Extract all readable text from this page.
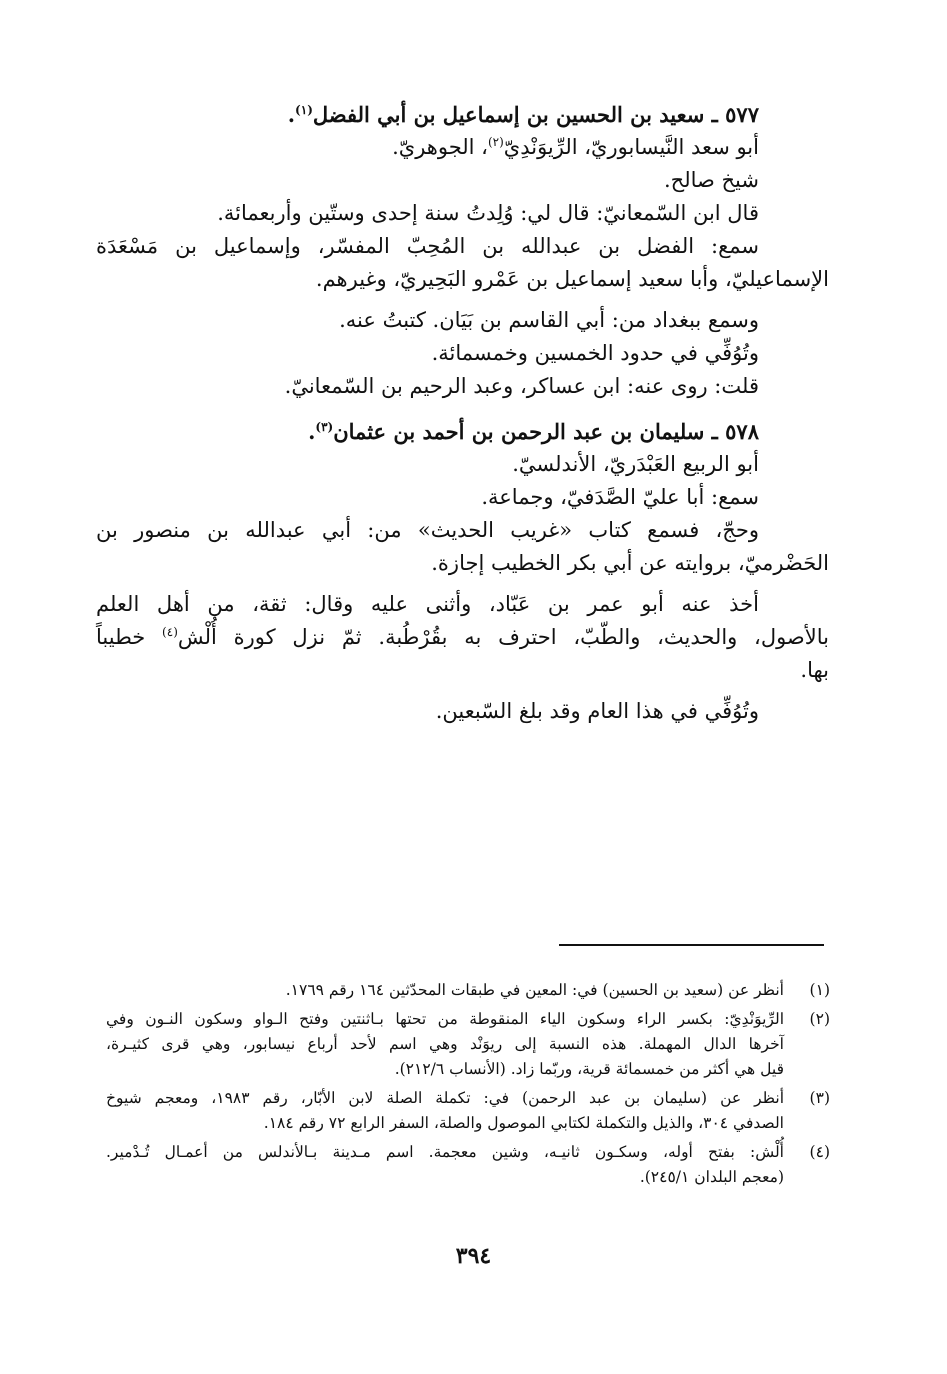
٥٧٧ ـ سعيد بن الحسين بن إسماعيل بن أبي الفضل$^{(١)}$.
أبو سعد النَّيسابوريّ، الرِّيوَنْدِيّ$^{(٢)}$، الجوهريّ.
شيخ صالح.
قال ابن السّمعانيّ: قال لي: وُلِدتُ سنة إحدى وستّين وأربعمائة.
سمع: الفضل بن عبدالله بن المُحِبّ المفسّر، وإسماعيل بن مَسْعَدَة
الإسماعيليّ، وأبا سعيد إسماعيل بن عَمْرو البَحِيريّ، وغيرهم.
وسمع ببغداد من: أبي القاسم بن بَيَان. كتبتُ عنه.
وتُوُفِّي في حدود الخمسين وخمسمائة.
قلت: روى عنه: ابن عساكر، وعبد الرحيم بن السّمعانيّ.
٥٧٨ ـ سليمان بن عبد الرحمن بن أحمد بن عثمان$^{(٣)}$.
أبو الربيع العَبْدَريّ، الأندلسيّ.
سمع: أبا عليّ الصَّدَفيّ، وجماعة.
وحجّ، فسمع كتاب «غريب الحديث» من: أبي عبدالله بن منصور بن
الحَضْرميّ، بروايته عن أبي بكر الخطيب إجازة.
أخذ عنه أبو عمر بن عَبّاد، وأثنى عليه وقال: ثقة، من أهل العلم
بالأصول، والحديث، والطّبّ، احترف به بقُرْطُبة. ثمّ نزل كورة أُلْش$^{(٤)}$ خطيباً
بها.
وتُوُفِّي في هذا العام وقد بلغ السّبعين.
(١)
أنظر عن (سعيد بن الحسين) في: المعين في طبقات المحدّثين ١٦٤ رقم ١٧٦٩.
(٢)
الرِّيوَنْدِيّ: بكسر الراء وسكون الياء المنقوطة من تحتها بـاثنتين وفتح الـواو وسكون النـون وفي
آخرها الدال المهملة. هذه النسبة إلى ريوَنْد وهي اسم لأحد أرباع نيسابور، وهي قرى كثيـرة،
قيل هي أكثر من خمسمائة قرية، وربّما زاد. (الأنساب ٢١٢/٦).
(٣)
أنظر عن (سليمان بن عبد الرحمن) في: تكملة الصلة لابن الأبّار، رقم ١٩٨٣، ومعجم شيوخ
الصدفي ٣٠٤، والذيل والتكملة لكتابي الموصول والصلة، السفر الرابع ٧٢ رقم ١٨٤.
(٤)
أُلْش: بفتح أوله، وسكـون ثانيـه، وشين معجمة. اسم مـدينة بـالأندلس من أعمـال تُـدْمير.
(معجم البلدان ٢٤٥/١).
٣٩٤
